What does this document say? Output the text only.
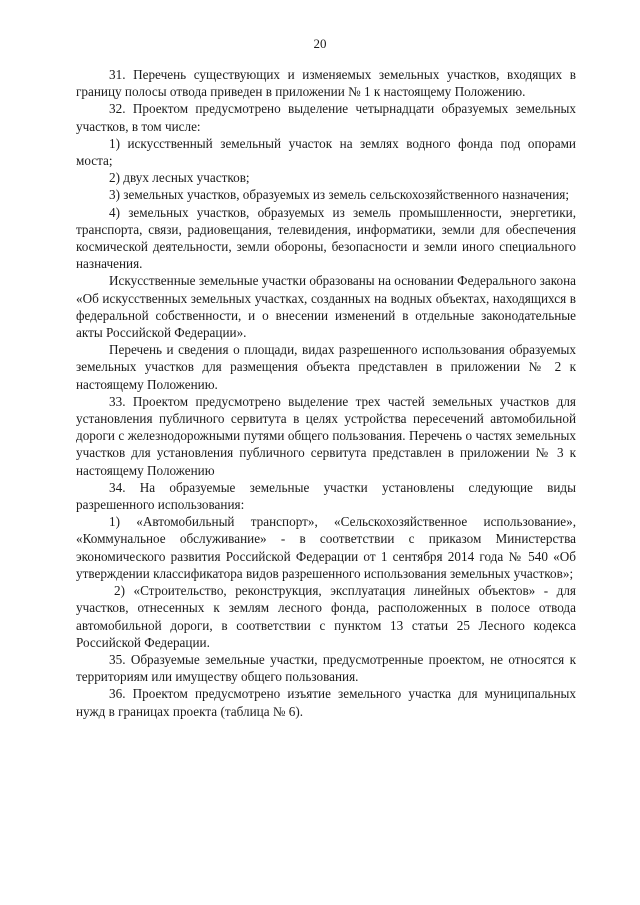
20

31. Перечень существующих и изменяемых земельных участков, входящих в границу полосы отвода приведен в приложении № 1 к настоящему Положению.

32. Проектом предусмотрено выделение четырнадцати образуемых земельных участков, в том числе:

1) искусственный земельный участок на землях водного фонда под опорами моста;

2) двух лесных участков;

3) земельных участков, образуемых из земель сельскохозяйственного назначения;

4) земельных участков, образуемых из земель промышленности, энергетики, транспорта, связи, радиовещания, телевидения, информатики, земли для обеспечения космической деятельности, земли обороны, безопасности и земли иного специального назначения.

Искусственные земельные участки образованы на основании Федерального закона «Об искусственных земельных участках, созданных на водных объектах, находящихся в федеральной собственности, и о внесении изменений в отдельные законодательные акты Российской Федерации».

Перечень и сведения о площади, видах разрешенного использования образуемых земельных участков для размещения объекта представлен в приложении № 2 к настоящему Положению.

33. Проектом предусмотрено выделение трех частей земельных участков для установления публичного сервитута в целях устройства пересечений автомобильной дороги с железнодорожными путями общего пользования. Перечень о частях земельных участков для установления публичного сервитута представлен в приложении № 3 к настоящему Положению

34. На образуемые земельные участки установлены следующие виды разрешенного использования:

1) «Автомобильный транспорт», «Сельскохозяйственное использование», «Коммунальное обслуживание» - в соответствии с приказом Министерства экономического развития Российской Федерации от 1 сентября 2014 года № 540 «Об утверждении классификатора видов разрешенного использования земельных участков»;

2) «Строительство, реконструкция, эксплуатация линейных объектов» - для участков, отнесенных к землям лесного фонда, расположенных в полосе отвода автомобильной дороги, в соответствии с пунктом 13 статьи 25 Лесного кодекса Российской Федерации.

35. Образуемые земельные участки, предусмотренные проектом, не относятся к территориям или имуществу общего пользования.

36. Проектом предусмотрено изъятие земельного участка для муниципальных нужд в границах проекта (таблица № 6).
